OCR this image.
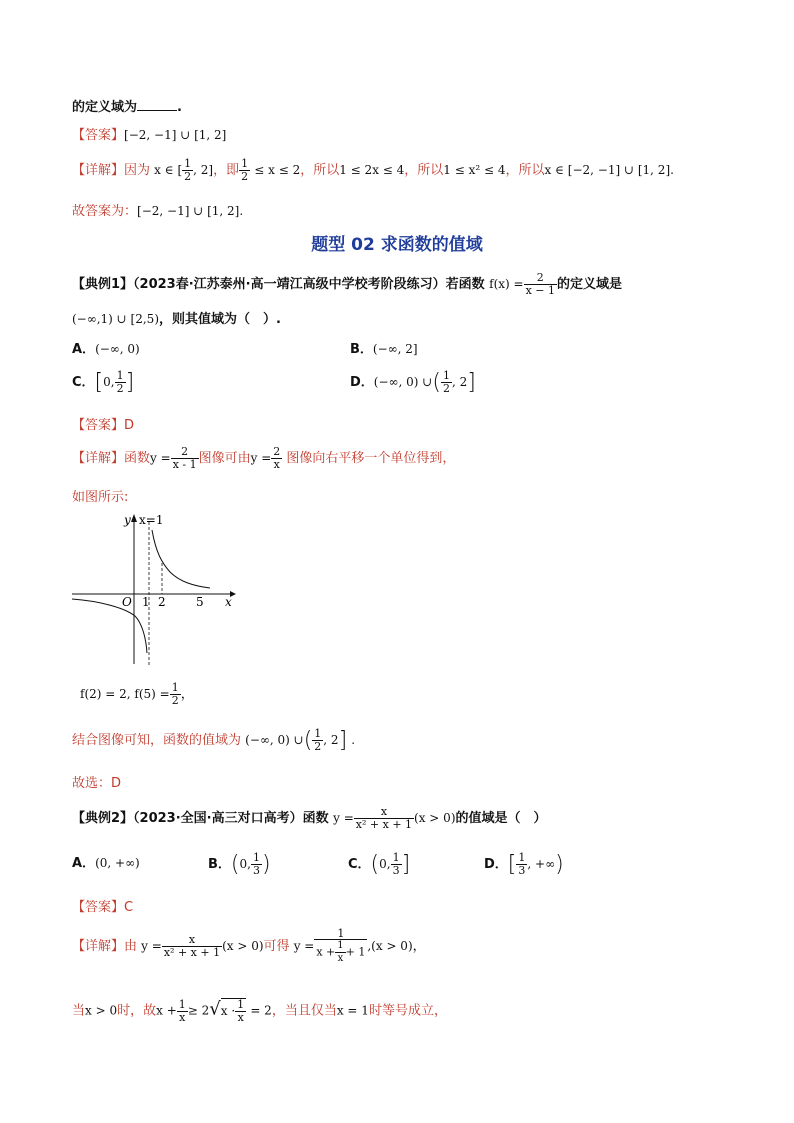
的定义域为	.
【答案】[−2, −1] ∪ [1, 2]
【详解】因为 x ∈ [ $\frac{1}{2}$ , 2]，即 $\frac{1}{2} \le x \le 2$，所以1 ≤ 2x ≤ 4，所以1 ≤ x² ≤ 4，所以x ∈ [−2, −1] ∪ [1, 2].
故答案为：[−2, −1] ∪ [1, 2].
题型 02 求函数的值域
【典例1】（2023春·江苏泰州·高一靖江高级中学校考阶段练习）若函数 $f(x) = \frac{2}{x - 1}$ 的定义域是
(−∞,1) ∪ [2,5)，则其值域为（　）.
A．(−∞, 0)	B．(−∞, 2]
C．[0, $\frac{1}{2}$ ]	D．(−∞, 0) ∪( $\frac{1}{2}$ , 2]
【答案】D
【详解】函数$y = \frac{2}{x - 1}$ 图像可由$y = \frac{2}{x}$ 图像向右平移一个单位得到，
如图所示:
y x=1
O 1 2	5 x
f(2) = 2, $f(5) = \frac{1}{2}$ ，
结合图像可知，函数的值域为 (−∞, 0) ∪( $\frac{1}{2}$ , 2] .
故选：D
【典例2】（2023·全国·高三对口高考）函数 $y = \frac{x}{\text{x² + x + 1}} (x > 0)$的值域是（　）
A．(0, +∞)	B．(0, $\frac{1}{3}$ )	C．(0, $\frac{1}{3}$ ]	D．[ $\frac{1}{3}$ , +∞)
【答案】C
【详解】由 $y = \frac{x}{\text{x² + x + 1}} (x > 0)$可得 $y = \frac{1}{x + \frac{1}{x} + 1} ,(x > 0)$，
当x > 0时，故$x + \frac{1}{x} \ge 2√x \cdot \frac{1}{x} = 2$，当且仅当x = 1时等号成立，
